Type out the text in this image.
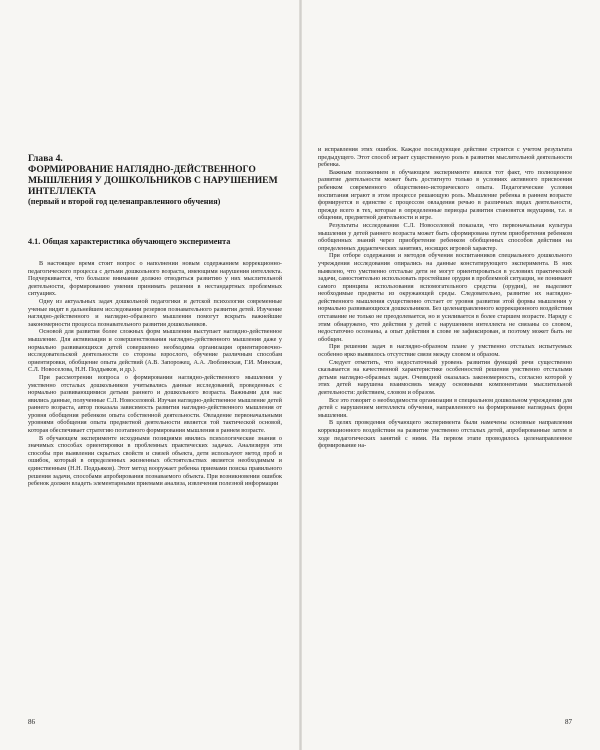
Глава 4.
ФОРМИРОВАНИЕ НАГЛЯДНО-ДЕЙСТВЕННОГО МЫШЛЕНИЯ У ДОШКОЛЬНИКОВ С НАРУШЕНИЕМ ИНТЕЛЛЕКТА
(первый и второй год целенаправленного обучения)
4.1. Общая характеристика обучающего эксперимента

В настоящее время стоит вопрос о наполнении новым содержанием коррекционно-педагогического процесса с детьми дошкольного возраста, имеющими нарушения интеллекта. Подчеркивается, что большое внимание должно отводиться развитию у них мыслительной деятельности, формированию умения принимать решения в нестандартных проблемных ситуациях.

Одну из актуальных задач дошкольной педагогики и детской психологии современные ученые видят в дальнейшем исследовании резервов познавательного развития детей. Изучение наглядно-действенного и наглядно-образного мышления помогут вскрыть важнейшие закономерности процесса познавательного развития дошкольников.

Основой для развития более сложных форм мышления выступает наглядно-действенное мышление. Для активизации и совершенствования наглядно-действенного мышления даже у нормально развивающихся детей совершенно необходима организация ориентировочно-исследовательской деятельности со стороны взрослого, обучение различным способам ориентировки, обобщение опыта действий (А.В. Запорожец, А.А. Люблинская, Г.И. Минская, С.Л. Новоселова, Н.Н. Поддьяков, и др.).

При рассмотрении вопроса о формировании наглядно-действенного мышления у умственно отсталых дошкольников учитывались данные исследований, проведенных с нормально развивающимися детьми раннего и дошкольного возраста. Важными для нас явились данные, полученные С.Л. Новоселовой. Изучая наглядно-действенное мышление детей раннего возраста, автор показала зависимость развития наглядно-действенного мышления от уровня обобщения ребенком опыта собственной деятельности. Овладение первоначальными уровнями обобщения опыта предметной деятельности является той тактической основой, которая обеспечивает стратегию поэтапного формирования мышления в раннем возрасте.

В обучающем эксперименте исходными позициями явились психологические знания о значимых способах ориентировки в проблемных практических задачах. Анализируя эти способы при выявлении скрытых свойств и связей объекта, дети используют метод проб и ошибок, который в определенных жизненных обстоятельствах является необходимым и единственным (Н.Н. Поддьяков). Этот метод вооружает ребенка приемами поиска правильного решения задачи, способами апробирования познаваемого объекта. При возникновении ошибок ребенок должен владеть элементарными приемами анализа, извлечения полезной информации

86

и исправления этих ошибок. Каждое последующее действие строится с учетом результата предыдущего. Этот способ играет существенную роль в развитии мыслительной деятельности ребенка.

Важным положением в обучающем эксперименте явился тот факт, что полноценное развитие деятельности может быть достигнуто только в условиях активного присвоения ребенком современного общественно-исторического опыта. Педагогические условия воспитания играют в этом процессе решающую роль. Мышление ребенка в раннем возрасте формируется в единстве с процессом овладения речью в различных видах деятельности, прежде всего в тех, которые в определенные периоды развития становятся ведущими, т.е. в общении, предметной деятельности и игре.

Результаты исследования С.Л. Новоселовой показали, что первоначальная культура мышления у детей раннего возраста может быть сформирована путем приобретения ребенком обобщенных знаний через приобретение ребенком обобщенных способов действия на определенных дидактических занятиях, носящих игровой характер.

При отборе содержания и методов обучения воспитанников специального дошкольного учреждения исследования опирались на данные констатирующего эксперимента. В них выявлено, что умственно отсталые дети не могут ориентироваться в условиях практической задачи, самостоятельно использовать простейшие орудия в проблемной ситуации, не понимают самого принципа использования вспомогательного средства (орудия), не выделяют необходимые предметы из окружающей среды. Следовательно, развитие их наглядно-действенного мышления существенно отстает от уровня развития этой формы мышления у нормально развивающихся дошкольников. Без целенаправленного коррекционного воздействия отставание не только не преодолевается, но и усиливается в более старшем возрасте. Наряду с этим обнаружено, что действия у детей с нарушением интеллекта не связаны со словом, недостаточно осознаны, а опыт действия в слове не зафиксирован, и поэтому может быть не обобщен.

При решении задач в наглядно-образном плане у умственно отсталых испытуемых особенно ярко выявилось отсутствие связи между словом и образом.

Следует отметить, что недостаточный уровень развития функций речи существенно сказывается на качественной характеристике особенностей решения умственно отсталыми детьми наглядно-образных задач. Очевидной оказалась закономерность, согласно которой у этих детей нарушена взаимосвязь между основными компонентами мыслительной деятельности: действием, словом и образом.

Все это говорит о необходимости организации в специальном дошкольном учреждении для детей с нарушением интеллекта обучения, направленного на формирование наглядных форм мышления.

В целях проведения обучающего эксперимента были намечены основные направления коррекционного воздействия на развитие умственно отсталых детей, апробированные затем в ходе педагогических занятий с ними. На первом этапе проводилось целенаправленное формирование на-

87
